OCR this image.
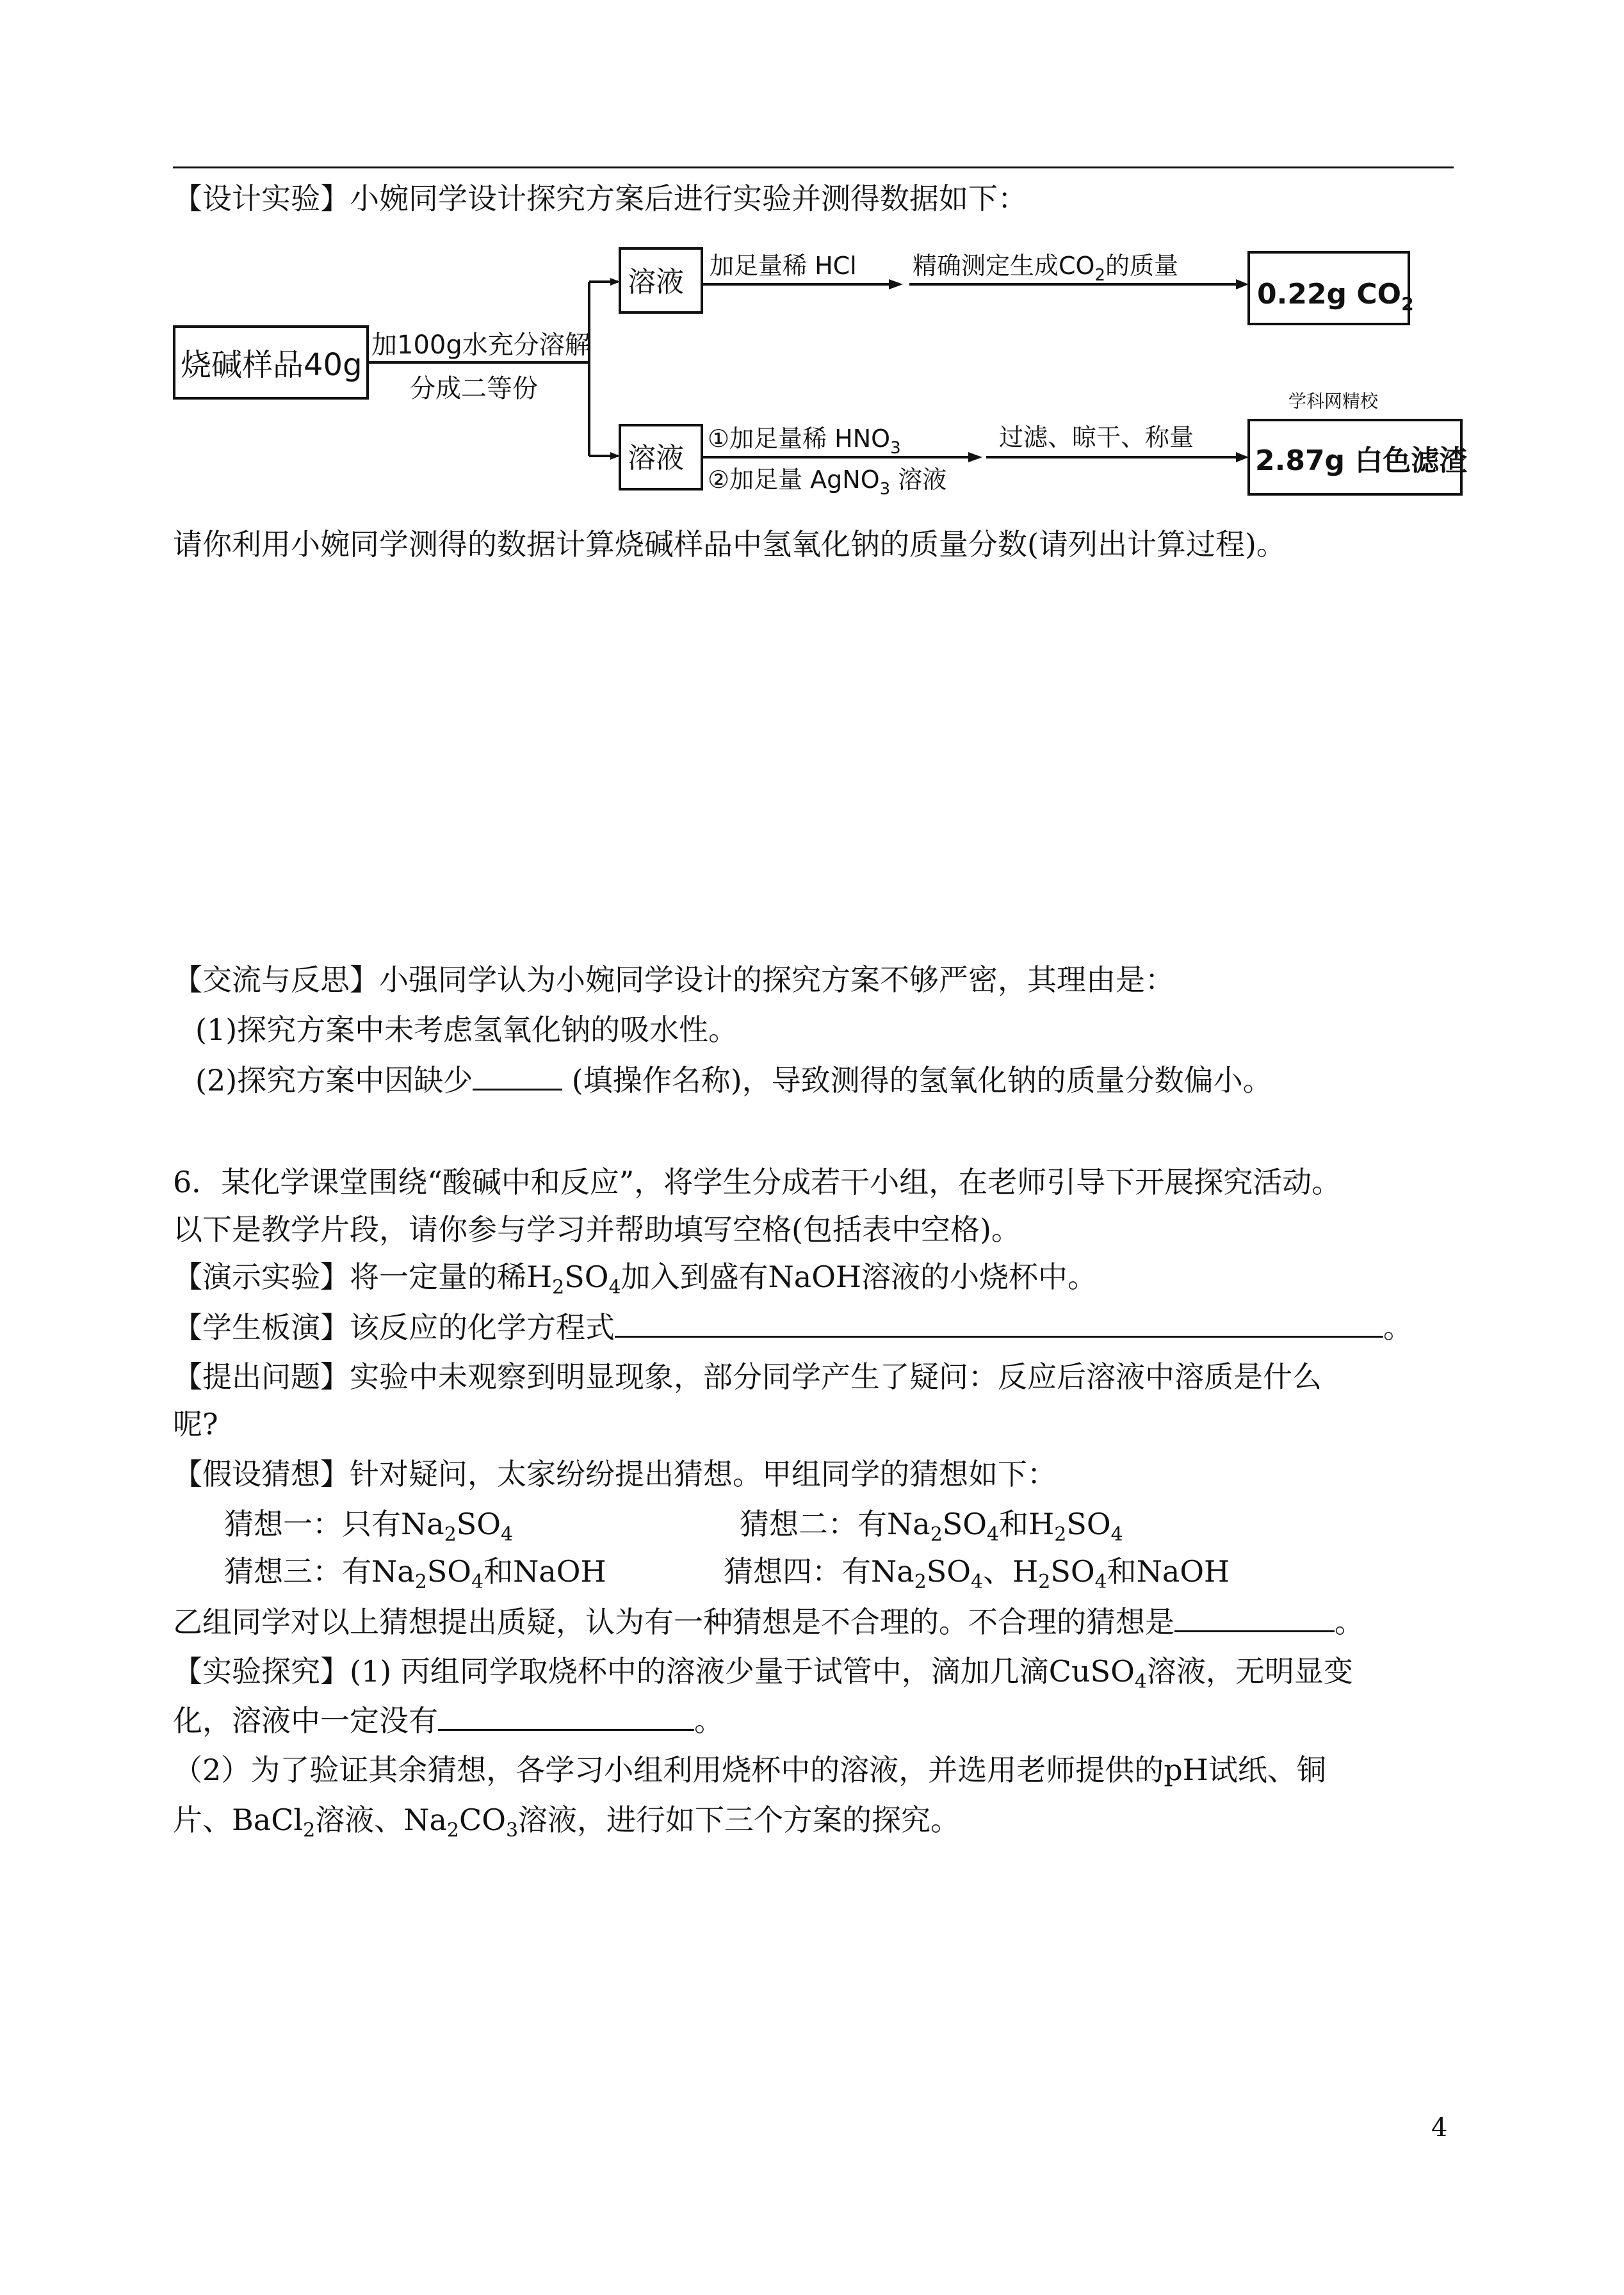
【设计实验】小婉同学设计探究方案后进行实验并测得数据如下：
烧碱样品40g
加100g水充分溶解
分成二等份
溶液
溶液
加足量稀 HCl 精确测定生成$CO_2$的质量
0.22g $CO_2$
①加足量稀 $HNO_3$
②加足量 AgNO$_3$ 溶液
过滤、晾干、称量
学科网精校
2.87g 白色滤渣
请你利用小婉同学测得的数据计算烧碱样品中氢氧化钠的质量分数(请列出计算过程)。
【交流与反思】小强同学认为小婉同学设计的探究方案不够严密，其理由是：
(1)探究方案中未考虑氢氧化钠的吸水性。
(2)探究方案中因缺少	(填操作名称)，导致测得的氢氧化钠的质量分数偏小。
6．某化学课堂围绕“酸碱中和反应”，将学生分成若干小组，在老师引导下开展探究活动。
以下是教学片段，请你参与学习并帮助填写空格(包括表中空格)。
【演示实验】将一定量的稀$H_2SO_4$加入到盛有NaOH溶液的小烧杯中。
【学生板演】该反应的化学方程式	。
【提出问题】实验中未观察到明显现象，部分同学产生了疑问：反应后溶液中溶质是什么
呢?
【假设猜想】针对疑问，太家纷纷提出猜想。甲组同学的猜想如下：
猜想一：只有$Na_2SO_4$	猜想二：有$Na_2SO_4$和$H_2SO_4$
猜想三：有$Na_2SO_4$和NaOH	猜想四：有$Na_2SO_4$、$H_2SO_4$和NaOH
乙组同学对以上猜想提出质疑，认为有一种猜想是不合理的。不合理的猜想是	。
【实验探究】(1) 丙组同学取烧杯中的溶液少量于试管中，滴加几滴CuSO$_4$溶液，无明显变
化，溶液中一定没有	。
（2）为了验证其余猜想，各学习小组利用烧杯中的溶液，并选用老师提供的pH试纸、铜
片、BaCl$_2$溶液、$Na_2CO_3$溶液，进行如下三个方案的探究。
4
